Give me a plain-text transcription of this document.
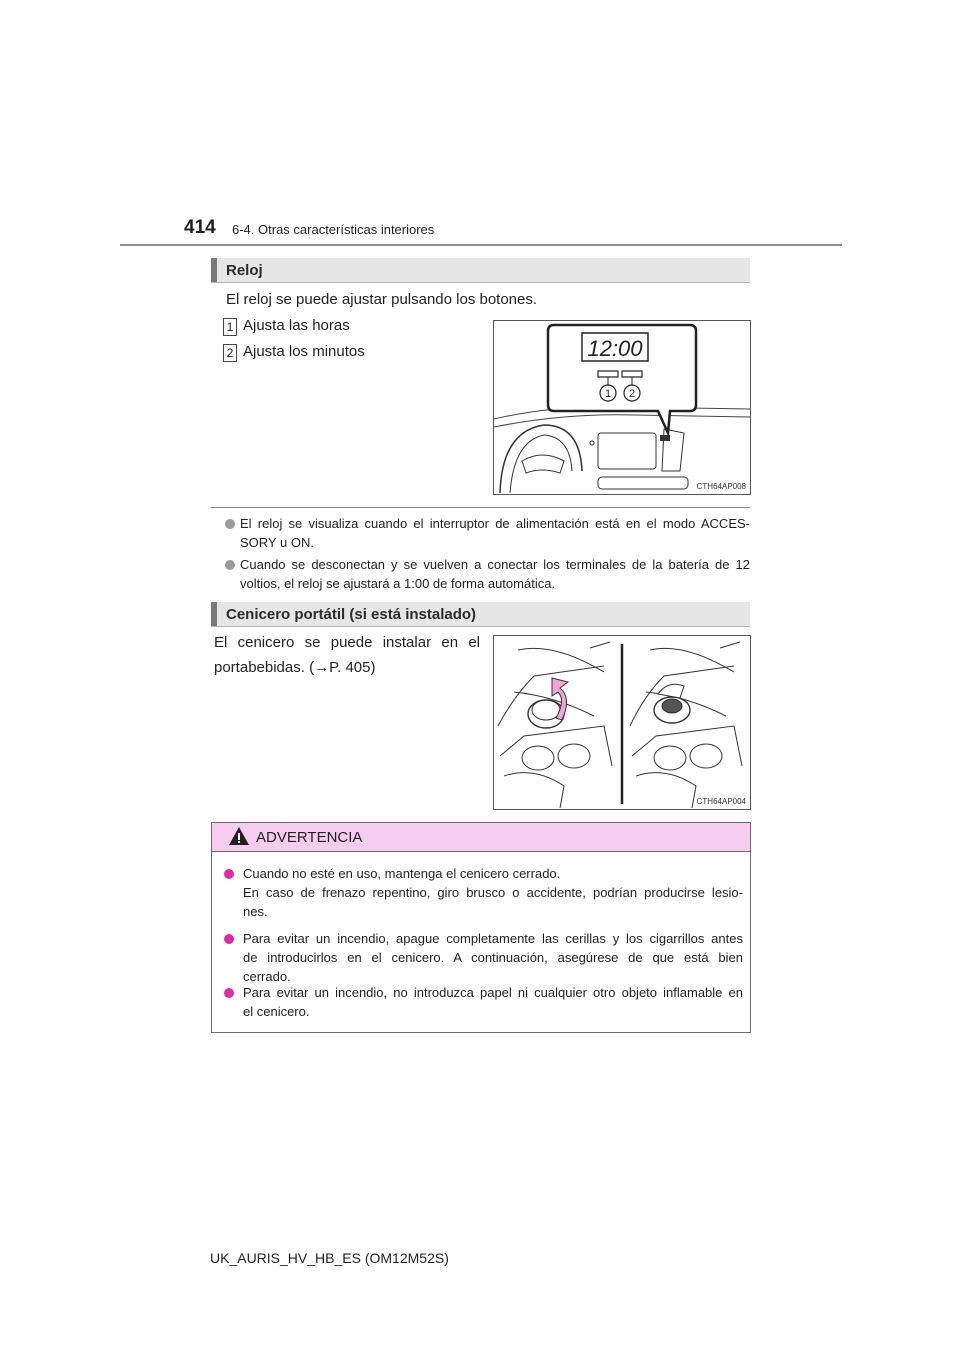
414 6-4. Otras características interiores
Reloj
El reloj se puede ajustar pulsando los botones.
1 Ajusta las horas
2 Ajusta los minutos	12:00
1 2
CTH64AP008
El reloj se visualiza cuando el interruptor de alimentación está en el modo ACCES-
SORY u ON.
Cuando se desconectan y se vuelven a conectar los terminales de la batería de 12
voltios, el reloj se ajustará a 1:00 de forma automática.
Cenicero portátil (si está instalado)
El cenicero se puede instalar en el
portabebidas. (→P. 405)
CTH64AP004
ADVERTENCIA
Cuando no esté en uso, mantenga el cenicero cerrado.
En caso de frenazo repentino, giro brusco o accidente, podrían producirse lesio-
nes.
Para evitar un incendio, apague completamente las cerillas y los cigarrillos antes
de introducirlos en el cenicero. A continuación, asegúrese de que está bien
cerrado.
Para evitar un incendio, no introduzca papel ni cualquier otro objeto inflamable en
el cenicero.
UK_AURIS_HV_HB_ES (OM12M52S)
